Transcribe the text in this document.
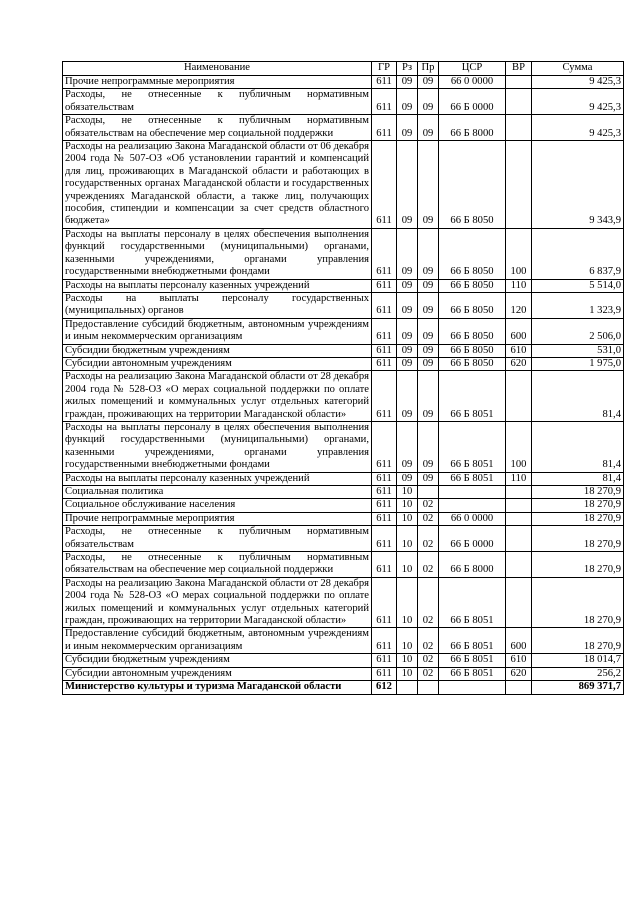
Наименование	ГР	Рз	Пр	ЦСР	ВР	Сумма
Прочие непрограммные мероприятия	611	09	09	66 0 0000		9 425,3
Расходы, не отнесенные к публичным нормативным обязательствам	611	09	09	66 Б 0000		9 425,3
Расходы, не отнесенные к публичным нормативным обязательствам на обеспечение мер социальной поддержки	611	09	09	66 Б 8000		9 425,3
Расходы на реализацию Закона Магаданской области от 06 декабря 2004 года № 507-ОЗ «Об установлении гарантий и компенсаций для лиц, проживающих в Магаданской области и работающих в государственных органах Магаданской области и государственных учреждениях Магаданской области, а также лиц, получающих пособия, стипендии и компенсации за счет средств областного бюджета»	611	09	09	66 Б 8050		9 343,9
Расходы на выплаты персоналу в целях обеспечения выполнения функций государственными (муниципальными) органами, казенными учреждениями, органами управления государственными внебюджетными фондами	611	09	09	66 Б 8050	100	6 837,9
Расходы на выплаты персоналу казенных учреждений	611	09	09	66 Б 8050	110	5 514,0
Расходы на выплаты персоналу государственных (муниципальных) органов	611	09	09	66 Б 8050	120	1 323,9
Предоставление субсидий бюджетным, автономным учреждениям и иным некоммерческим организациям	611	09	09	66 Б 8050	600	2 506,0
Субсидии бюджетным учреждениям	611	09	09	66 Б 8050	610	531,0
Субсидии автономным учреждениям	611	09	09	66 Б 8050	620	1 975,0
Расходы на реализацию Закона Магаданской области от 28 декабря 2004 года № 528-ОЗ «О мерах социальной поддержки по оплате жилых помещений и коммунальных услуг отдельных категорий граждан, проживающих на территории Магаданской области»	611	09	09	66 Б 8051		81,4
Расходы на выплаты персоналу в целях обеспечения выполнения функций государственными (муниципальными) органами, казенными учреждениями, органами управления государственными внебюджетными фондами	611	09	09	66 Б 8051	100	81,4
Расходы на выплаты персоналу казенных учреждений	611	09	09	66 Б 8051	110	81,4
Социальная политика	611	10				18 270,9
Социальное обслуживание населения	611	10	02			18 270,9
Прочие непрограммные мероприятия	611	10	02	66 0 0000		18 270,9
Расходы, не отнесенные к публичным нормативным обязательствам	611	10	02	66 Б 0000		18 270,9
Расходы, не отнесенные к публичным нормативным обязательствам на обеспечение мер социальной поддержки	611	10	02	66 Б 8000		18 270,9
Расходы на реализацию Закона Магаданской области от 28 декабря 2004 года № 528-ОЗ «О мерах социальной поддержки по оплате жилых помещений и коммунальных услуг отдельных категорий граждан, проживающих на территории Магаданской области»	611	10	02	66 Б 8051		18 270,9
Предоставление субсидий бюджетным, автономным учреждениям и иным некоммерческим организациям	611	10	02	66 Б 8051	600	18 270,9
Субсидии бюджетным учреждениям	611	10	02	66 Б 8051	610	18 014,7
Субсидии автономным учреждениям	611	10	02	66 Б 8051	620	256,2
Министерство культуры и туризма Магаданской области	612					869 371,7
